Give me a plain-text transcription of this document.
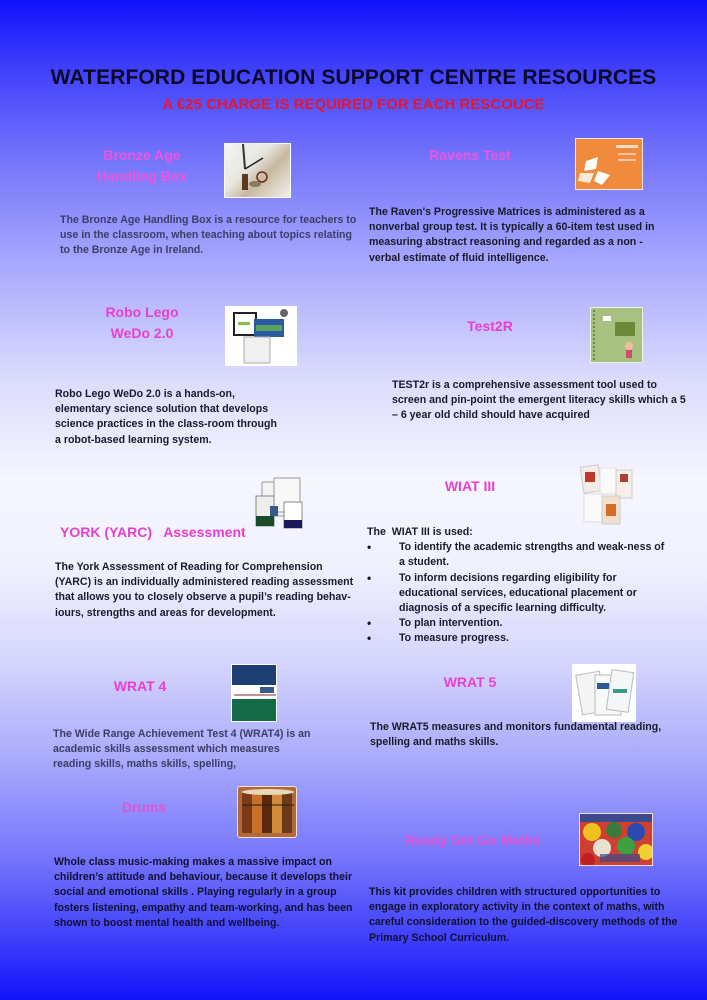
WATERFORD EDUCATION SUPPORT CENTRE RESOURCES
A €25 CHARGE IS REQUIRED FOR EACH RESCOUCE
Bronze Age
Handling Box
The Bronze Age Handling Box is a resource for teachers to use in the classroom, when teaching about topics relating to the Bronze Age in Ireland.
Ravens Test
The Raven's Progressive Matrices is administered as a nonverbal group test. It is typically a 60-item test used in measuring abstract reasoning and regarded as a non -verbal estimate of fluid intelligence.
Robo Lego
WeDo 2.0
Robo Lego WeDo 2.0 is a hands-on, elementary science solution that develops science practices in the class-room through a robot-based learning system.
Test2R
TEST2r is a comprehensive assessment tool used to screen and pin-point the emergent literacy skills which a 5 – 6 year old child should have acquired

YORK (YARC)   Assessment

The York Assessment of Reading for Comprehension (YARC) is an individually administered reading assessment that allows you to closely observe a pupil’s reading behav-iours, strengths and areas for development.
WIAT III
The  WIAT III is used:
• To identify the academic strengths and weak-ness of a student.
• To inform decisions regarding eligibility for educational services, educational placement or diagnosis of a specific learning difficulty.
• To plan intervention.
• To measure progress.
WRAT 4
The Wide Range Achievement Test 4 (WRAT4) is an academic skills assessment which measures reading skills, maths skills, spelling,
WRAT 5
The WRAT5 measures and monitors fundamental reading, spelling and maths skills.
Drums
Whole class music-making makes a massive impact on children’s attitude and behaviour, because it develops their social and emotional skills . Playing regularly in a group fosters listening, empathy and team-working, and has been shown to boost mental health and wellbeing.
Ready Set Go Maths
This kit provides children with structured opportunities to engage in exploratory activity in the context of maths, with careful consideration to the guided-discovery methods of the Primary School Curriculum.
